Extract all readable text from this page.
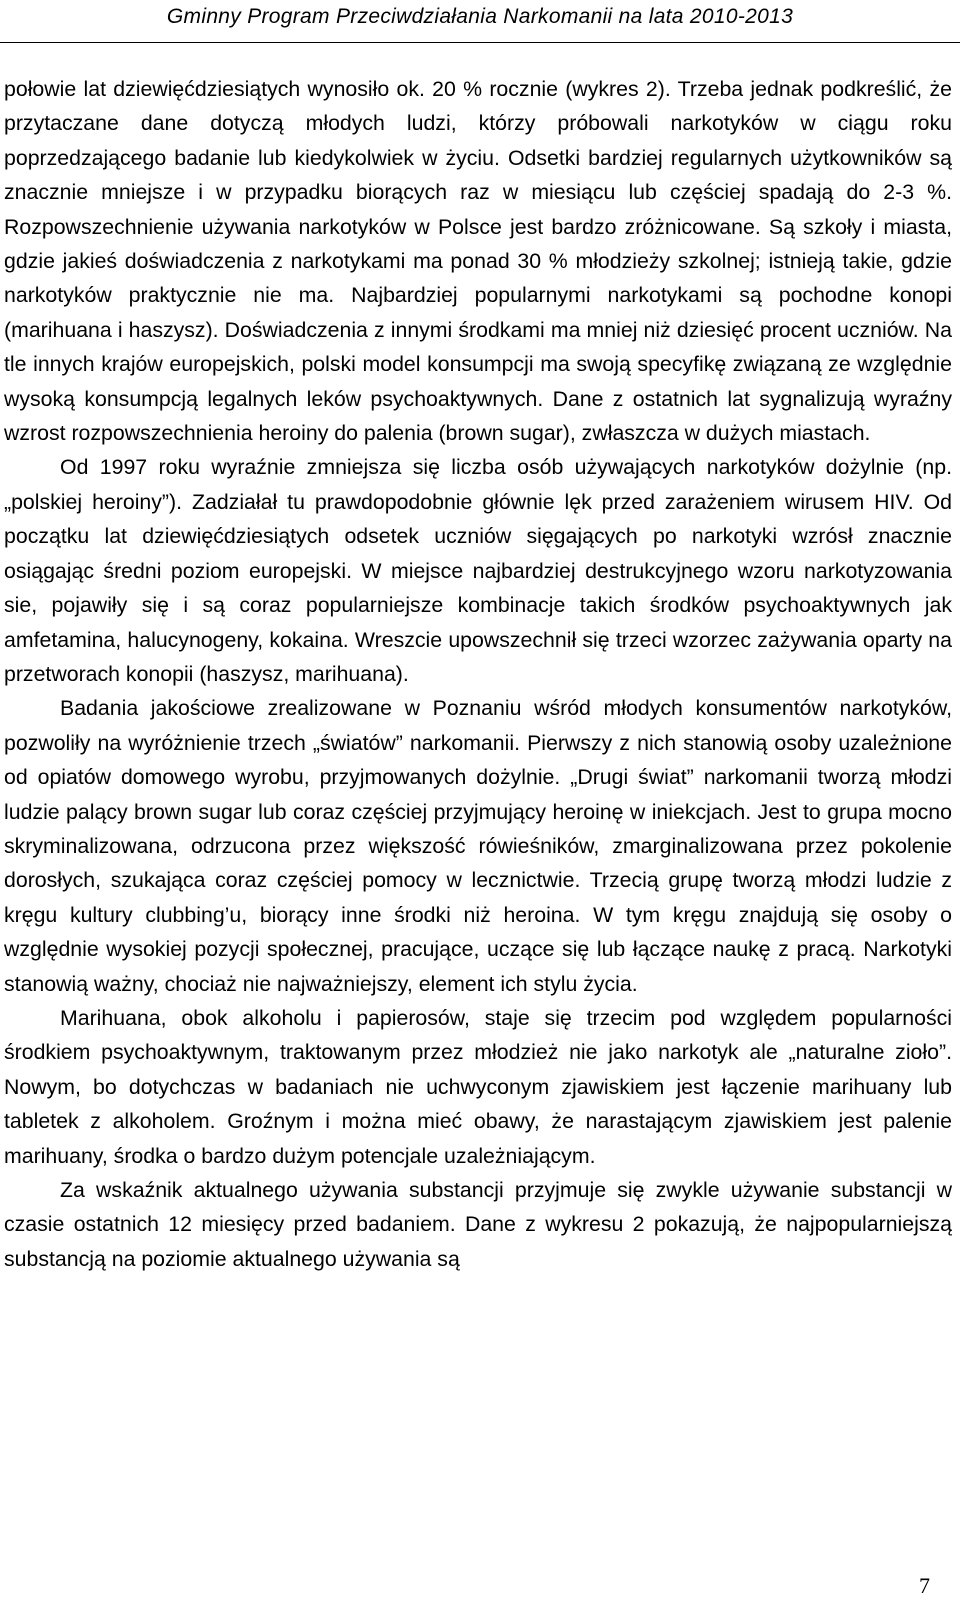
Gminny Program Przeciwdziałania Narkomanii na lata 2010-2013

połowie lat dziewięćdziesiątych wynosiło ok. 20 % rocznie (wykres 2). Trzeba jednak podkreślić, że przytaczane dane dotyczą młodych ludzi, którzy próbowali narkotyków w ciągu roku poprzedzającego badanie lub kiedykolwiek w życiu. Odsetki bardziej regularnych użytkowników są znacznie mniejsze i w przypadku biorących raz w miesiącu lub częściej spadają do 2-3 %. Rozpowszechnienie używania narkotyków w Polsce jest bardzo zróżnicowane. Są szkoły i miasta, gdzie jakieś doświadczenia z narkotykami ma ponad 30 % młodzieży szkolnej; istnieją takie, gdzie narkotyków praktycznie nie ma. Najbardziej popularnymi narkotykami są pochodne konopi (marihuana i haszysz). Doświadczenia z innymi środkami ma mniej niż dziesięć procent uczniów. Na tle innych krajów europejskich, polski model konsumpcji ma swoją specyfikę związaną ze względnie wysoką konsumpcją legalnych leków psychoaktywnych. Dane z ostatnich lat sygnalizują wyraźny wzrost rozpowszechnienia heroiny do palenia (brown sugar), zwłaszcza w dużych miastach.

Od 1997 roku wyraźnie zmniejsza się liczba osób używających narkotyków dożylnie (np. „polskiej heroiny”). Zadziałał tu prawdopodobnie głównie lęk przed zarażeniem wirusem HIV. Od początku lat dziewięćdziesiątych odsetek uczniów sięgających po narkotyki wzrósł znacznie osiągając średni poziom europejski. W miejsce najbardziej destrukcyjnego wzoru narkotyzowania sie, pojawiły się i są coraz popularniejsze kombinacje takich środków psychoaktywnych jak amfetamina, halucynogeny, kokaina. Wreszcie upowszechnił się trzeci wzorzec zażywania oparty na przetworach konopii (haszysz, marihuana).

Badania jakościowe zrealizowane w Poznaniu wśród młodych konsumentów narkotyków, pozwoliły na wyróżnienie trzech „światów” narkomanii. Pierwszy z nich stanowią osoby uzależnione od opiatów domowego wyrobu, przyjmowanych dożylnie. „Drugi świat” narkomanii tworzą młodzi ludzie palący brown sugar lub coraz częściej przyjmujący heroinę w iniekcjach. Jest to grupa mocno skryminalizowana, odrzucona przez większość rówieśników, zmarginalizowana przez pokolenie dorosłych, szukająca coraz częściej pomocy w lecznictwie. Trzecią grupę tworzą młodzi ludzie z kręgu kultury clubbing’u, biorący inne środki niż heroina. W tym kręgu znajdują się osoby o względnie wysokiej pozycji społecznej, pracujące, uczące się lub łączące naukę z pracą. Narkotyki stanowią ważny, chociaż nie najważniejszy, element ich stylu życia.

Marihuana, obok alkoholu i papierosów, staje się trzecim pod względem popularności środkiem psychoaktywnym, traktowanym przez młodzież nie jako narkotyk ale „naturalne zioło”. Nowym, bo dotychczas w badaniach nie uchwyconym zjawiskiem jest łączenie marihuany lub tabletek z alkoholem. Groźnym i można mieć obawy, że narastającym zjawiskiem jest palenie marihuany, środka o bardzo dużym potencjale uzależniającym.

Za wskaźnik aktualnego używania substancji przyjmuje się zwykle używanie substancji w czasie ostatnich 12 miesięcy przed badaniem. Dane z wykresu 2 pokazują, że najpopularniejszą substancją na poziomie aktualnego używania są

7
